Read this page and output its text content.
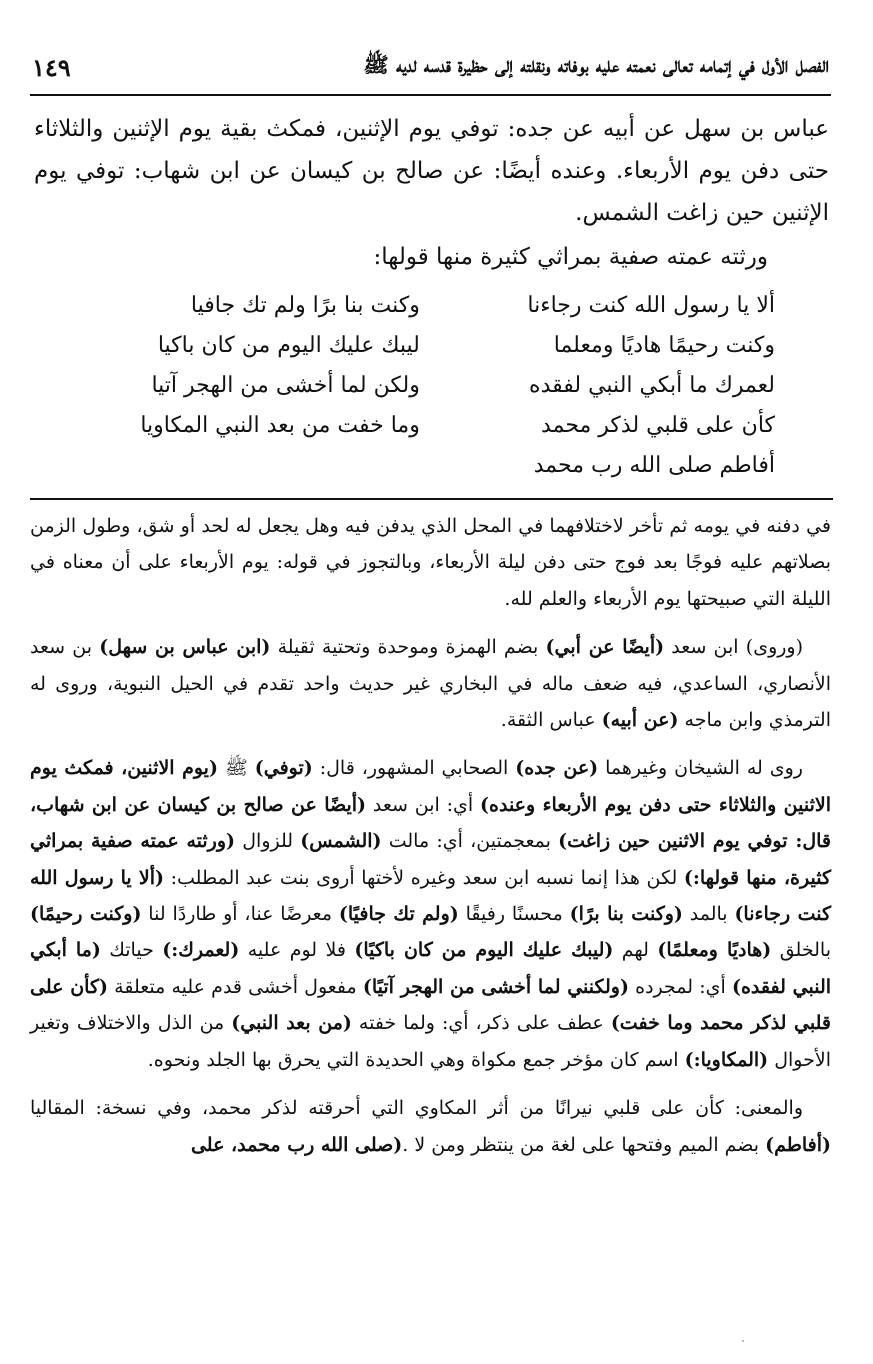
الفصل الأول في إتمامه تعالى نعمته عليه بوفاته ونقلته إلى حظيرة قدسه لديه ﷺ
١٤٩

عباس بن سهل عن أبيه عن جده: توفي يوم الإثنين، فمكث بقية يوم الإثنين والثلاثاء حتى دفن يوم الأربعاء. وعنده أيضًا: عن صالح بن كيسان عن ابن شهاب: توفي يوم الإثنين حين زاغت الشمس.

ورثته عمته صفية بمراثي كثيرة منها قولها:
ألا يا رسول الله كنت رجاءنا
وكنت بنا برًا ولم تك جافيا
وكنت رحيمًا هاديًا ومعلما
ليبك عليك اليوم من كان باكيا
لعمرك ما أبكي النبي لفقده
ولكن لما أخشى من الهجر آتيا
كأن على قلبي لذكر محمد
وما خفت من بعد النبي المكاويا
أفاطم صلى الله رب محمد

في دفنه في يومه ثم تأخر لاختلافهما في المحل الذي يدفن فيه وهل يجعل له لحد أو شق، وطول الزمن بصلاتهم عليه فوجًا بعد فوج حتى دفن ليلة الأربعاء، وبالتجوز في قوله: يوم الأربعاء على أن معناه في الليلة التي صبيحتها يوم الأربعاء والعلم لله.

(وروى) ابن سعد (أيضًا عن أبي) بضم الهمزة وموحدة وتحتية ثقيلة (ابن عباس بن سهل) بن سعد الأنصاري، الساعدي، فيه ضعف ماله في البخاري غير حديث واحد تقدم في الحيل النبوية، وروى له الترمذي وابن ماجه (عن أبيه) عباس الثقة.

روى له الشيخان وغيرهما (عن جده) الصحابي المشهور، قال: (توفي) ﷺ (يوم الاثنين، فمكث يوم الاثنين والثلاثاء حتى دفن يوم الأربعاء وعنده) أي: ابن سعد (أيضًا عن صالح بن كيسان عن ابن شهاب، قال: توفي يوم الاثنين حين زاغت) بمعجمتين، أي: مالت (الشمس) للزوال (ورثته عمته صفية بمراثي كثيرة، منها قولها:) لكن هذا إنما نسبه ابن سعد وغيره لأختها أروى بنت عبد المطلب: (ألا يا رسول الله كنت رجاءنا) بالمد (وكنت بنا برًا) محسنًا رفيقًا (ولم تك جافيًا) معرضًا عنا، أو طاردًا لنا (وكنت رحيمًا) بالخلق (هاديًا ومعلمًا) لهم (ليبك عليك اليوم من كان باكيًا) فلا لوم عليه (لعمرك:) حياتك (ما أبكي النبي لفقده) أي: لمجرده (ولكنني لما أخشى من الهجر آتيًا) مفعول أخشى قدم عليه متعلقة (كأن على قلبي لذكر محمد وما خفت) عطف على ذكر، أي: ولما خفته (من بعد النبي) من الذل والاختلاف وتغير الأحوال (المكاويا:) اسم كان مؤخر جمع مكواة وهي الحديدة التي يحرق بها الجلد ونحوه.

والمعنى: كأن على قلبي نيرانًا من أثر المكاوي التي أحرقته لذكر محمد، وفي نسخة: المقاليا (أفاطم) بضم الميم وفتحها على لغة من ينتظر ومن لا .(صلى الله رب محمد، على
